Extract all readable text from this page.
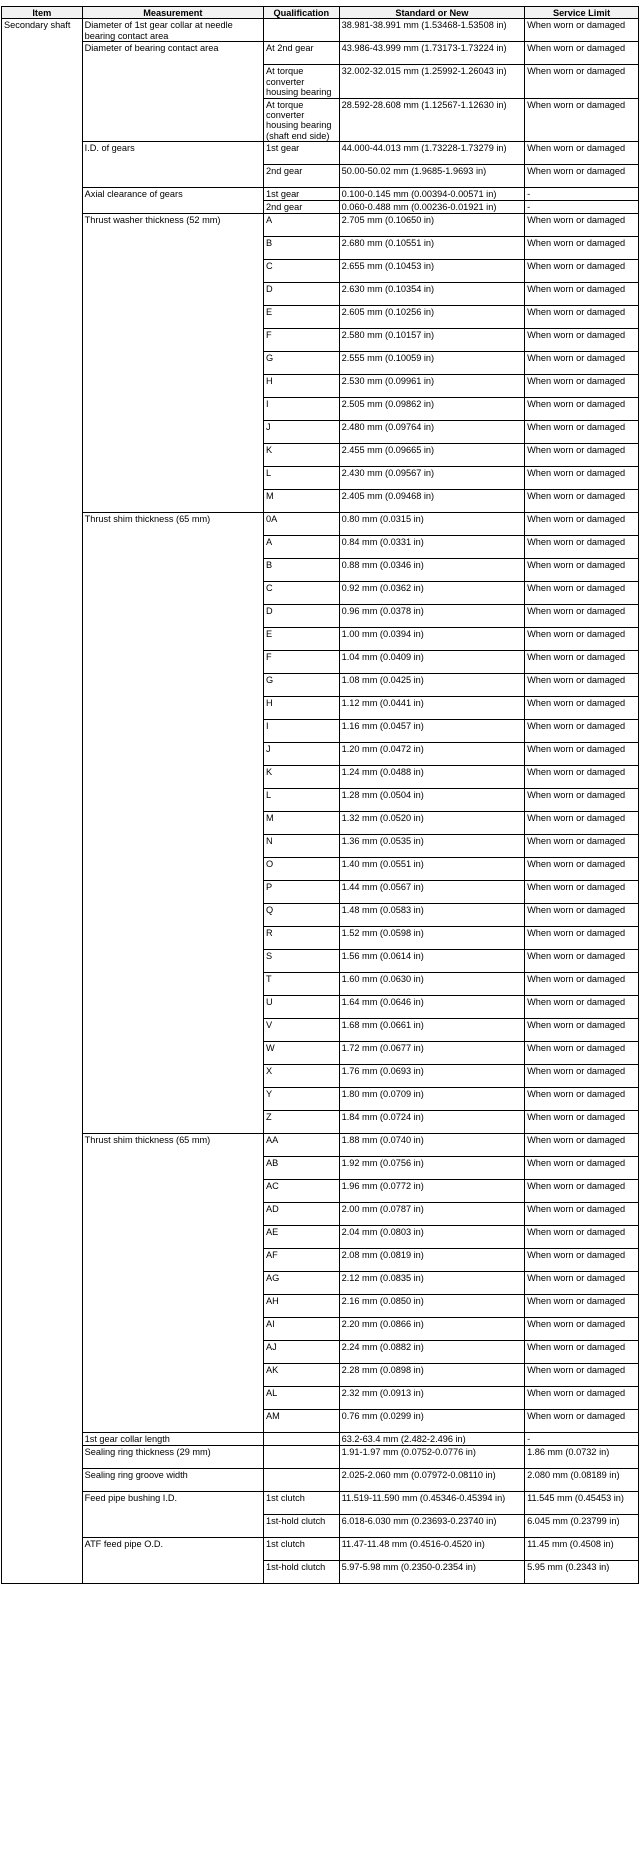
Item	Measurement	Qualification	Standard or New	Service Limit
Secondary shaft	Diameter of 1st gear collar at needle bearing contact area		38.981-38.991 mm (1.53468-1.53508 in)	When worn or damaged
	Diameter of bearing contact area	At 2nd gear	43.986-43.999 mm (1.73173-1.73224 in)	When worn or damaged
		At torque converter housing bearing	32.002-32.015 mm (1.25992-1.26043 in)	When worn or damaged
		At torque converter housing bearing (shaft end side)	28.592-28.608 mm (1.12567-1.12630 in)	When worn or damaged
	I.D. of gears	1st gear	44.000-44.013 mm (1.73228-1.73279 in)	When worn or damaged
		2nd gear	50.00-50.02 mm (1.9685-1.9693 in)	When worn or damaged
	Axial clearance of gears	1st gear	0.100-0.145 mm (0.00394-0.00571 in)	-
		2nd gear	0.060-0.488 mm (0.00236-0.01921 in)	-
	Thrust washer thickness (52 mm)	A	2.705 mm (0.10650 in)	When worn or damaged
		B	2.680 mm (0.10551 in)	When worn or damaged
		C	2.655 mm (0.10453 in)	When worn or damaged
		D	2.630 mm (0.10354 in)	When worn or damaged
		E	2.605 mm (0.10256 in)	When worn or damaged
		F	2.580 mm (0.10157 in)	When worn or damaged
		G	2.555 mm (0.10059 in)	When worn or damaged
		H	2.530 mm (0.09961 in)	When worn or damaged
		I	2.505 mm (0.09862 in)	When worn or damaged
		J	2.480 mm (0.09764 in)	When worn or damaged
		K	2.455 mm (0.09665 in)	When worn or damaged
		L	2.430 mm (0.09567 in)	When worn or damaged
		M	2.405 mm (0.09468 in)	When worn or damaged
	Thrust shim thickness (65 mm)	0A	0.80 mm (0.0315 in)	When worn or damaged
		A	0.84 mm (0.0331 in)	When worn or damaged
		B	0.88 mm (0.0346 in)	When worn or damaged
		C	0.92 mm (0.0362 in)	When worn or damaged
		D	0.96 mm (0.0378 in)	When worn or damaged
		E	1.00 mm (0.0394 in)	When worn or damaged
		F	1.04 mm (0.0409 in)	When worn or damaged
		G	1.08 mm (0.0425 in)	When worn or damaged
		H	1.12 mm (0.0441 in)	When worn or damaged
		I	1.16 mm (0.0457 in)	When worn or damaged
		J	1.20 mm (0.0472 in)	When worn or damaged
		K	1.24 mm (0.0488 in)	When worn or damaged
		L	1.28 mm (0.0504 in)	When worn or damaged
		M	1.32 mm (0.0520 in)	When worn or damaged
		N	1.36 mm (0.0535 in)	When worn or damaged
		O	1.40 mm (0.0551 in)	When worn or damaged
		P	1.44 mm (0.0567 in)	When worn or damaged
		Q	1.48 mm (0.0583 in)	When worn or damaged
		R	1.52 mm (0.0598 in)	When worn or damaged
		S	1.56 mm (0.0614 in)	When worn or damaged
		T	1.60 mm (0.0630 in)	When worn or damaged
		U	1.64 mm (0.0646 in)	When worn or damaged
		V	1.68 mm (0.0661 in)	When worn or damaged
		W	1.72 mm (0.0677 in)	When worn or damaged
		X	1.76 mm (0.0693 in)	When worn or damaged
		Y	1.80 mm (0.0709 in)	When worn or damaged
		Z	1.84 mm (0.0724 in)	When worn or damaged
	Thrust shim thickness (65 mm)	AA	1.88 mm (0.0740 in)	When worn or damaged
		AB	1.92 mm (0.0756 in)	When worn or damaged
		AC	1.96 mm (0.0772 in)	When worn or damaged
		AD	2.00 mm (0.0787 in)	When worn or damaged
		AE	2.04 mm (0.0803 in)	When worn or damaged
		AF	2.08 mm (0.0819 in)	When worn or damaged
		AG	2.12 mm (0.0835 in)	When worn or damaged
		AH	2.16 mm (0.0850 in)	When worn or damaged
		AI	2.20 mm (0.0866 in)	When worn or damaged
		AJ	2.24 mm (0.0882 in)	When worn or damaged
		AK	2.28 mm (0.0898 in)	When worn or damaged
		AL	2.32 mm (0.0913 in)	When worn or damaged
		AM	0.76 mm (0.0299 in)	When worn or damaged
	1st gear collar length		63.2-63.4 mm (2.482-2.496 in)	-
	Sealing ring thickness (29 mm)		1.91-1.97 mm (0.0752-0.0776 in)	1.86 mm (0.0732 in)
	Sealing ring groove width		2.025-2.060 mm (0.07972-0.08110 in)	2.080 mm (0.08189 in)
	Feed pipe bushing I.D.	1st clutch	11.519-11.590 mm (0.45346-0.45394 in)	11.545 mm (0.45453 in)
		1st-hold clutch	6.018-6.030 mm (0.23693-0.23740 in)	6.045 mm (0.23799 in)
	ATF feed pipe O.D.	1st clutch	11.47-11.48 mm (0.4516-0.4520 in)	11.45 mm (0.4508 in)
		1st-hold clutch	5.97-5.98 mm (0.2350-0.2354 in)	5.95 mm (0.2343 in)
